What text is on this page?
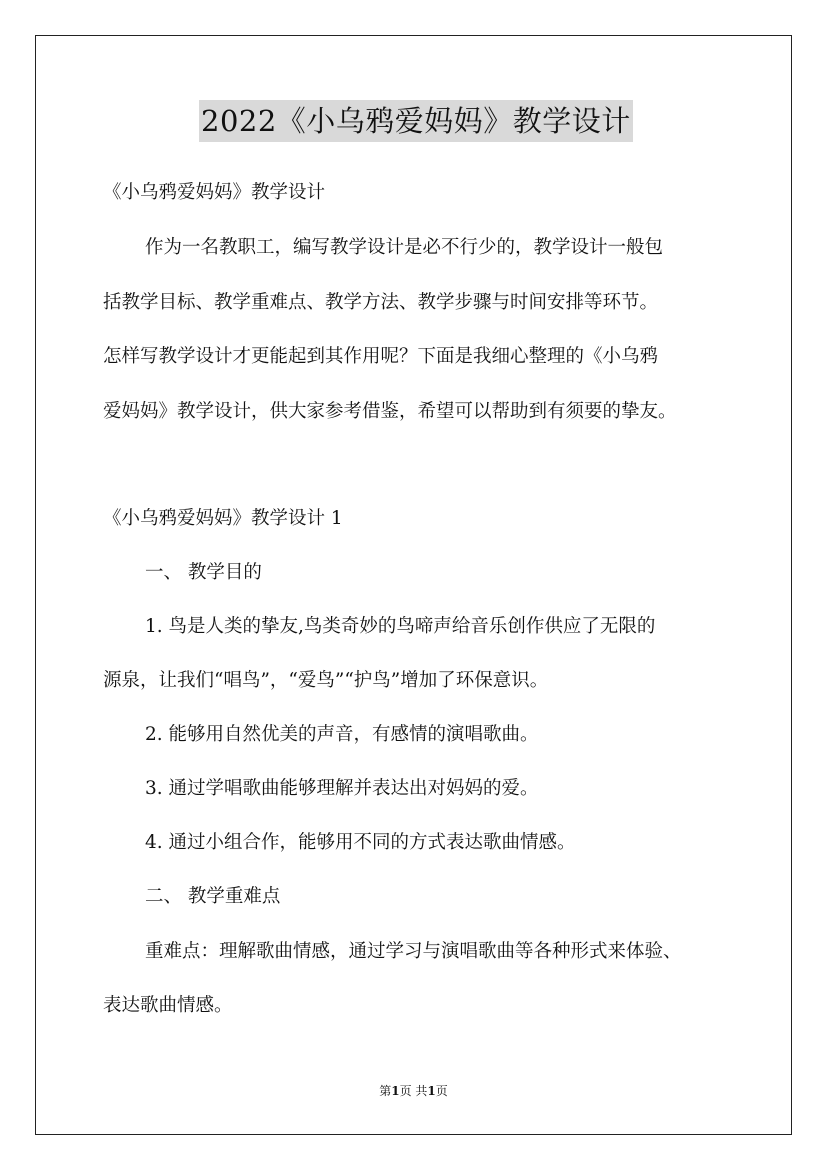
2022《小乌鸦爱妈妈》教学设计
《小乌鸦爱妈妈》教学设计
作为一名教职工，编写教学设计是必不行少的，教学设计一般包
括教学目标、教学重难点、教学方法、教学步骤与时间安排等环节。
怎样写教学设计才更能起到其作用呢？下面是我细心整理的《小乌鸦
爱妈妈》教学设计，供大家参考借鉴，希望可以帮助到有须要的挚友。
《小乌鸦爱妈妈》教学设计 1
一、 教学目的
1. 鸟是人类的挚友,鸟类奇妙的鸟啼声给音乐创作供应了无限的
源泉，让我们“唱鸟”，“爱鸟”“护鸟”增加了环保意识。
2. 能够用自然优美的声音，有感情的演唱歌曲。
3. 通过学唱歌曲能够理解并表达出对妈妈的爱。
4. 通过小组合作，能够用不同的方式表达歌曲情感。
二、 教学重难点
重难点：理解歌曲情感，通过学习与演唱歌曲等各种形式来体验、
表达歌曲情感。
第1页 共1页
